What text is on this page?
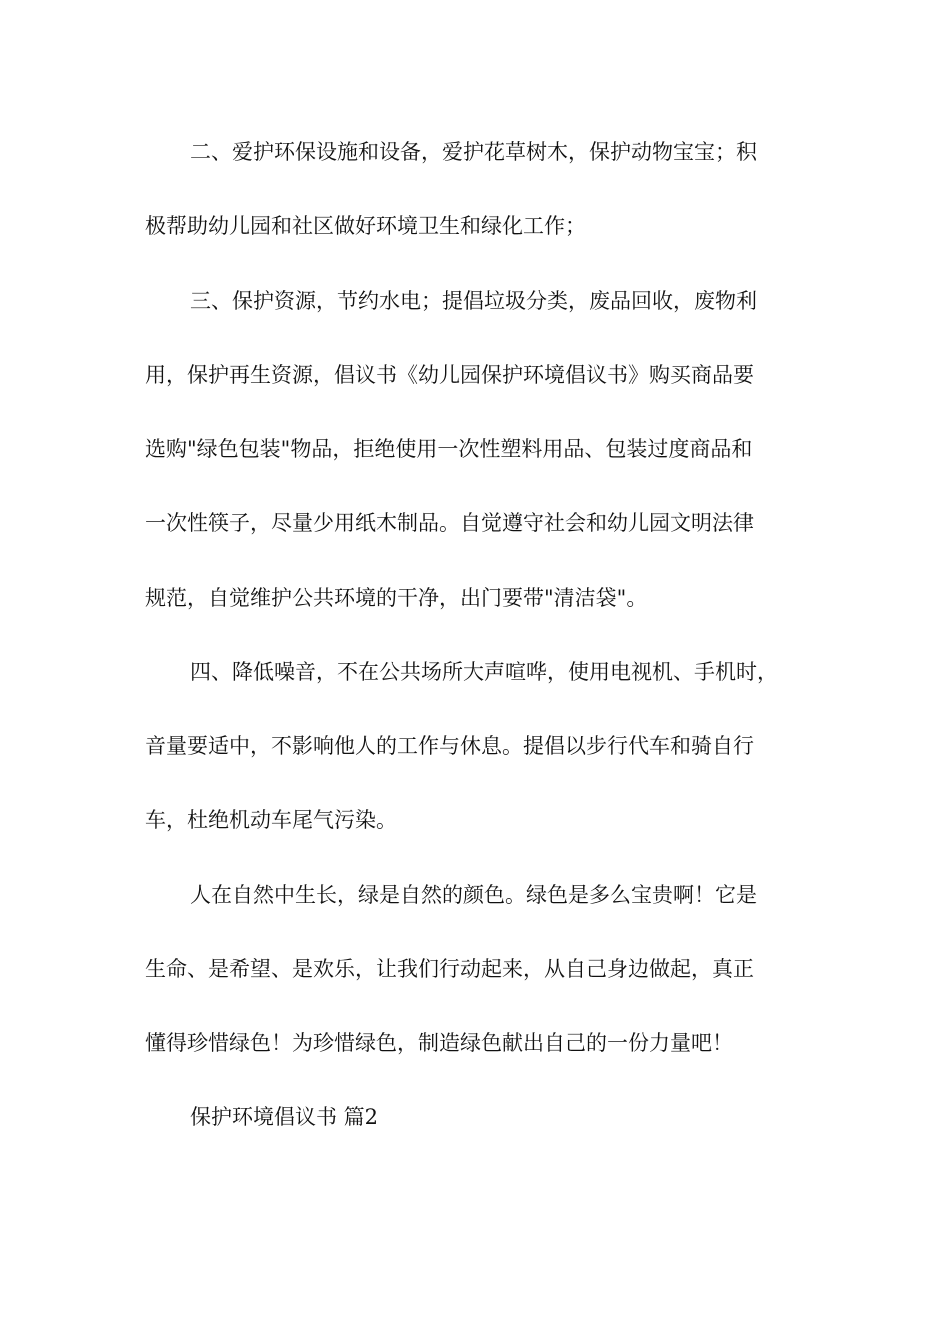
二、爱护环保设施和设备，爱护花草树木，保护动物宝宝；积
极帮助幼儿园和社区做好环境卫生和绿化工作；
三、保护资源，节约水电；提倡垃圾分类，废品回收，废物利
用，保护再生资源，倡议书《幼儿园保护环境倡议书》购买商品要
选购"绿色包装"物品，拒绝使用一次性塑料用品、包装过度商品和
一次性筷子，尽量少用纸木制品。自觉遵守社会和幼儿园文明法律
规范，自觉维护公共环境的干净，出门要带"清洁袋"。
四、降低噪音，不在公共场所大声喧哗，使用电视机、手机时，
音量要适中，不影响他人的工作与休息。提倡以步行代车和骑自行
车，杜绝机动车尾气污染。
人在自然中生长，绿是自然的颜色。绿色是多么宝贵啊！它是
生命、是希望、是欢乐，让我们行动起来，从自己身边做起，真正
懂得珍惜绿色！为珍惜绿色，制造绿色献出自己的一份力量吧！
保护环境倡议书 篇2
